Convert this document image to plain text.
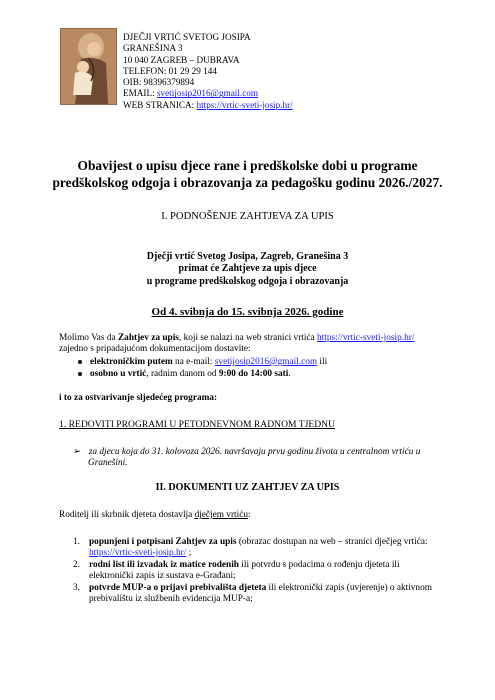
DJEČJI VRTIĆ SVETOG JOSIPA
GRANEŠINA 3
10 040 ZAGREB – DUBRAVA
TELEFON: 01 29 29 144
OIB: 98396379894
EMAIL: svetijosip2016@gmail.com
WEB STRANICA: https://vrtic-sveti-josip.hr/
Obavijest o upisu djece rane i predškolske dobi u programe
predškolskog odgoja i obrazovanja za pedagošku godinu 2026./2027.
I. PODNOŠENJE ZAHTJEVA ZA UPIS
Dječji vrtić Svetog Josipa, Zagreb, Granešina 3
primat će Zahtjeve za upis djece
u programe predškolskog odgoja i obrazovanja
Od 4. svibnja do 15. svibnja 2026. godine
Molimo Vas da Zahtjev za upis, koji se nalazi na web stranici vrtića https://vrtic-sveti-josip.hr/
zajedno s pripadajućom dokumentacijom dostavite:
elektroničkim putem na e-mail: svetijosip2016@gmail.com ili
osobno u vrtić, radnim danom od 9:00 do 14:00 sati.
i to za ostvarivanje sljedećeg programa:
1. REDOVITI PROGRAMI U PETODNEVNOM RADNOM TJEDNU
➢ za djecu koja do 31. kolovoza 2026. navršavaju prvu godinu života u centralnom vrtiću u
Granešini.
II. DOKUMENTI UZ ZAHTJEV ZA UPIS
Roditelj ili skrbnik djeteta dostavlja dječjem vrtiću:
1. popunjeni i potpisani Zahtjev za upis (obrazac dostupan na web – stranici dječjeg vrtića:
https://vrtic-sveti-josip.hr/ ;
2. rodni list ili izvadak iz matice rodenih ili potvrdu s podacima o rođenju djeteta ili
elektronički zapis iz sustava e-Građani;
3. potvrde MUP-a o prijavi prebivališta djeteta ili elektronički zapis (uvjerenje) o aktivnom
prebivalištu iz službenih evidencija MUP-a;
